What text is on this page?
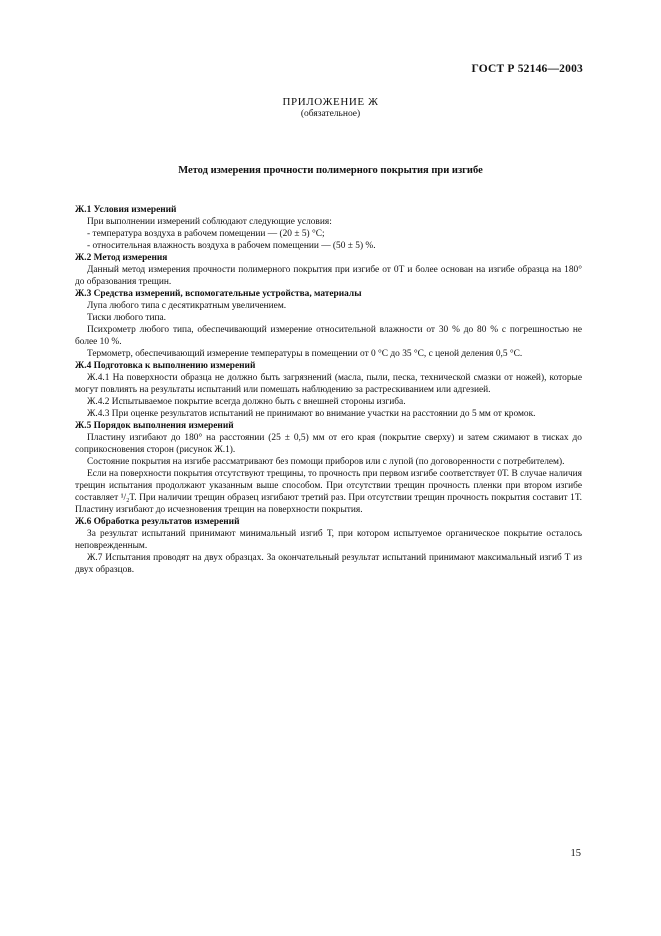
ГОСТ Р 52146—2003
ПРИЛОЖЕНИЕ Ж
(обязательное)
Метод измерения прочности полимерного покрытия при изгибе

Ж.1 Условия измерений

При выполнении измерений соблюдают следующие условия:

- температура воздуха в рабочем помещении — (20 ± 5) °С;

- относительная влажность воздуха в рабочем помещении — (50 ± 5) %.

Ж.2 Метод измерения

Данный метод измерения прочности полимерного покрытия при изгибе от 0Т и более основан на изгибе образца на 180° до образования трещин.

Ж.3 Средства измерений, вспомогательные устройства, материалы

Лупа любого типа с десятикратным увеличением.

Тиски любого типа.

Психрометр любого типа, обеспечивающий измерение относительной влажности от 30 % до 80 % с погрешностью не более 10 %.

Термометр, обеспечивающий измерение температуры в помещении от 0 °С до 35 °С, с ценой деления 0,5 °С.

Ж.4 Подготовка к выполнению измерений

Ж.4.1 На поверхности образца не должно быть загрязнений (масла, пыли, песка, технической смазки от ножей), которые могут повлиять на результаты испытаний или помешать наблюдению за растрескиванием или адгезией.

Ж.4.2 Испытываемое покрытие всегда должно быть с внешней стороны изгиба.

Ж.4.3 При оценке результатов испытаний не принимают во внимание участки на расстоянии до 5 мм от кромок.

Ж.5 Порядок выполнения измерений

Пластину изгибают до 180° на расстоянии (25 ± 0,5) мм от его края (покрытие сверху) и затем сжимают в тисках до соприкосновения сторон (рисунок Ж.1).

Состояние покрытия на изгибе рассматривают без помощи приборов или с лупой (по договоренности с потребителем).

Если на поверхности покрытия отсутствуют трещины, то прочность при первом изгибе соответствует 0Т. В случае наличия трещин испытания продолжают указанным выше способом. При отсутствии трещин прочность пленки при втором изгибе составляет ¹/₂Т. При наличии трещин образец изгибают третий раз. При отсутствии трещин прочность покрытия составит 1Т. Пластину изгибают до исчезновения трещин на поверхности покрытия.

Ж.6 Обработка результатов измерений

За результат испытаний принимают минимальный изгиб Т, при котором испытуемое органическое покрытие осталось неповрежденным.

Ж.7 Испытания проводят на двух образцах. За окончательный результат испытаний принимают максимальный изгиб Т из двух образцов.

15
